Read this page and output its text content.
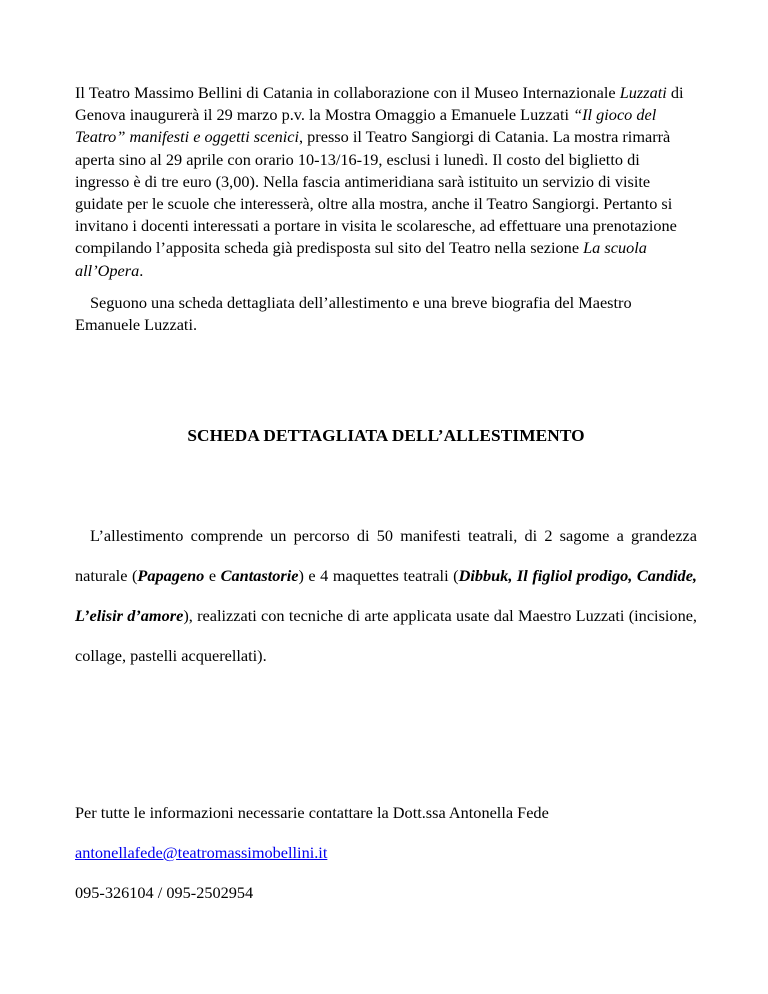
Il Teatro Massimo Bellini di Catania in collaborazione con il Museo Internazionale Luzzati di Genova inaugurerà il 29 marzo p.v. la Mostra Omaggio a Emanuele Luzzati “Il gioco del Teatro” manifesti e oggetti scenici, presso il Teatro Sangiorgi di Catania. La mostra rimarrà aperta sino al 29 aprile con orario 10-13/16-19, esclusi i lunedì. Il costo del biglietto di ingresso è di tre euro (3,00). Nella fascia antimeridiana sarà istituito un servizio di visite guidate per le scuole che interesserà, oltre alla mostra, anche il Teatro Sangiorgi. Pertanto si invitano i docenti interessati a portare in visita le scolaresche, ad effettuare una prenotazione compilando l’apposita scheda già predisposta sul sito del Teatro nella sezione La scuola all’Opera.

Seguono una scheda dettagliata dell’allestimento e una breve biografia del Maestro Emanuele Luzzati.

SCHEDA DETTAGLIATA DELL’ALLESTIMENTO

L’allestimento comprende un percorso di 50 manifesti teatrali, di 2 sagome a grandezza naturale (Papageno e Cantastorie) e 4 maquettes teatrali (Dibbuk, Il figliol prodigo, Candide, L’elisir d’amore), realizzati con tecniche di arte applicata usate dal Maestro Luzzati (incisione, collage, pastelli acquerellati).

Per tutte le informazioni necessarie contattare la Dott.ssa Antonella Fede
antonellafede@teatromassimobellini.it
095-326104 / 095-2502954
